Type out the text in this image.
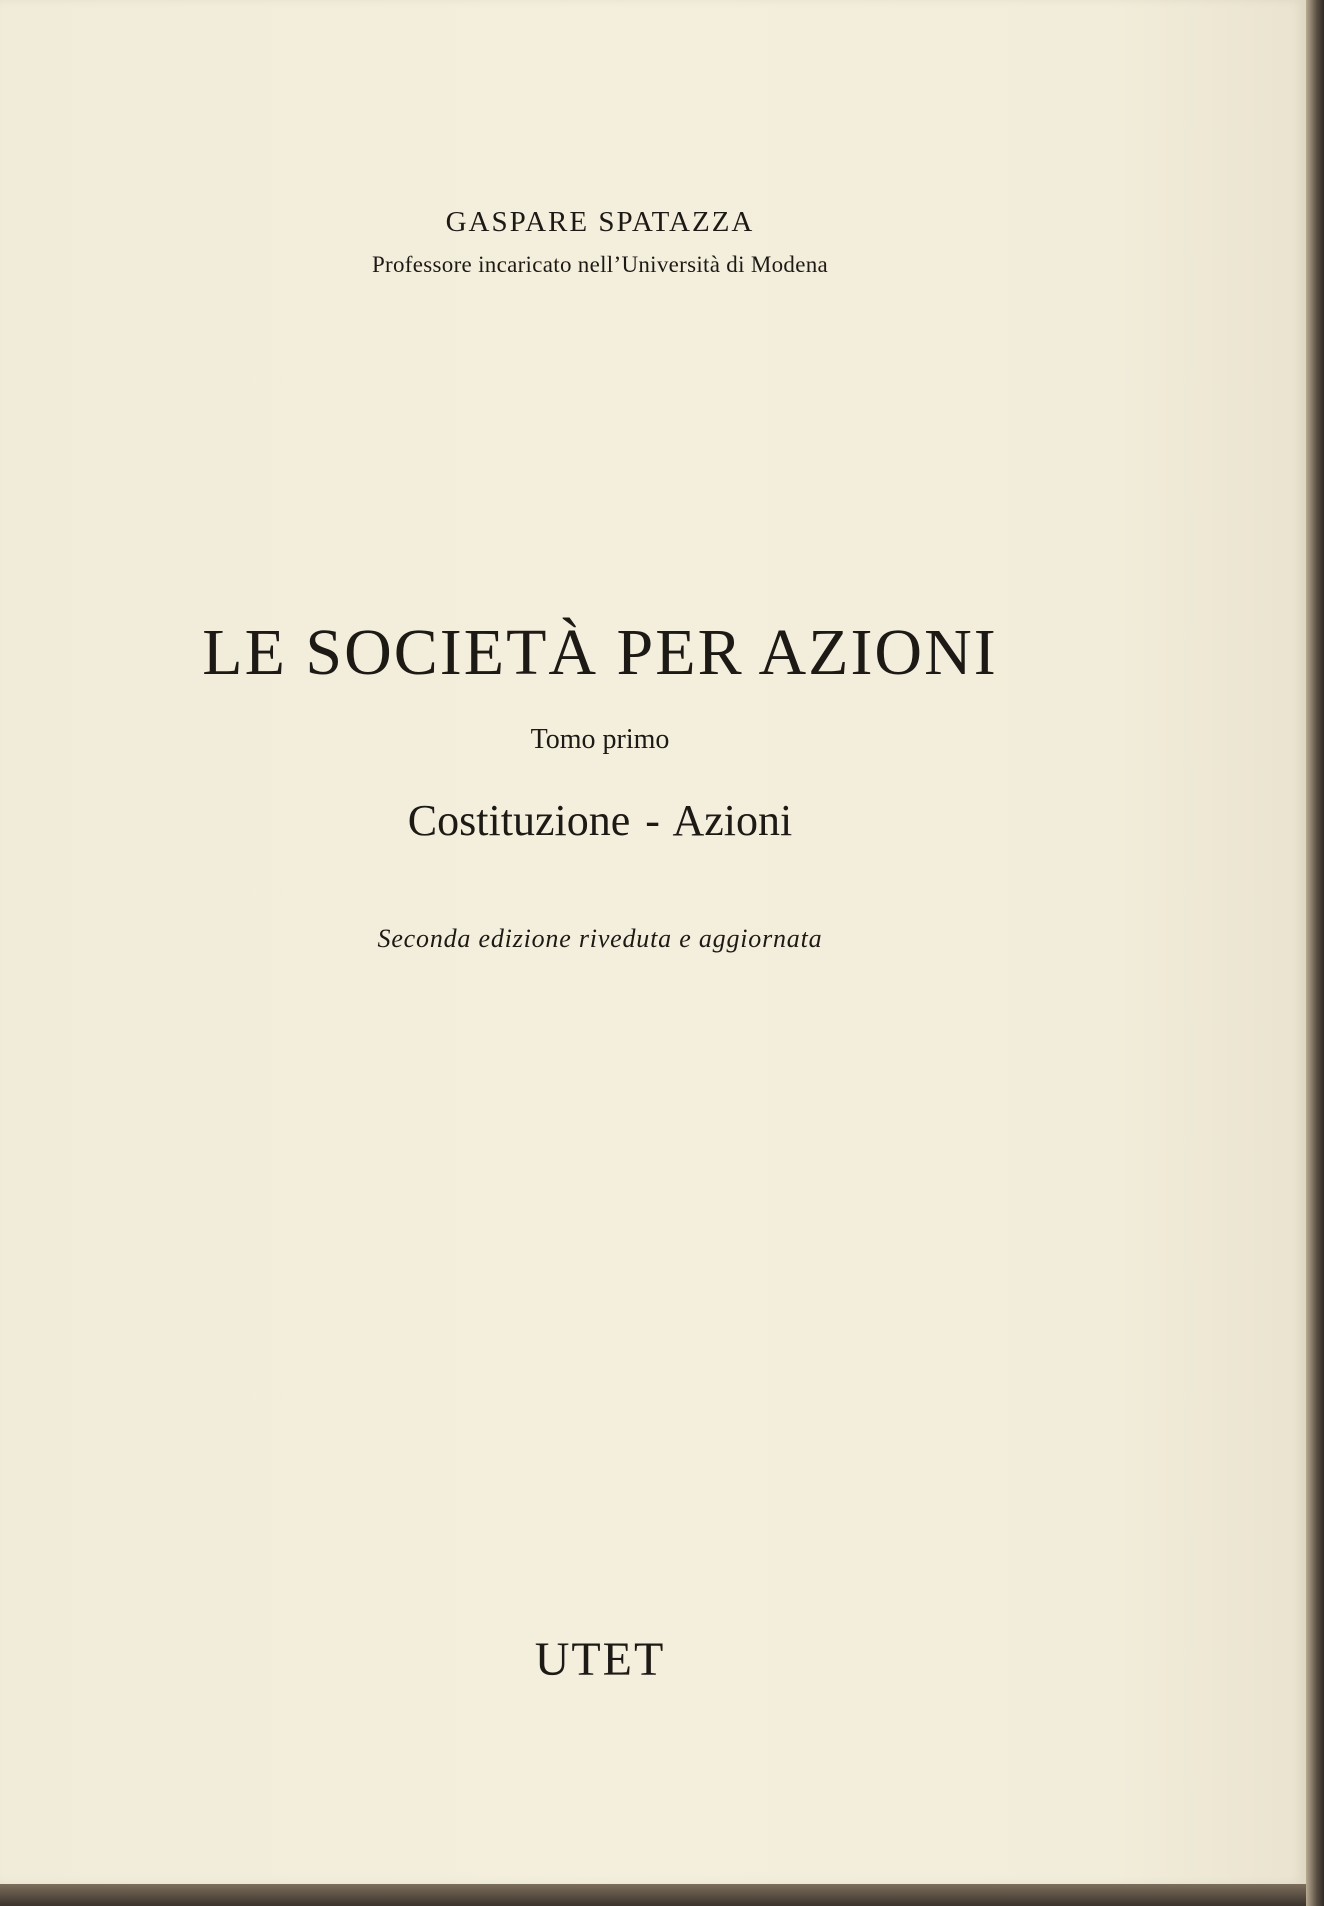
GASPARE SPATAZZA
Professore incaricato nell’Università di Modena
LE SOCIETÀ PER AZIONI
Tomo primo
Costituzione - Azioni
Seconda edizione riveduta e aggiornata
UTET
